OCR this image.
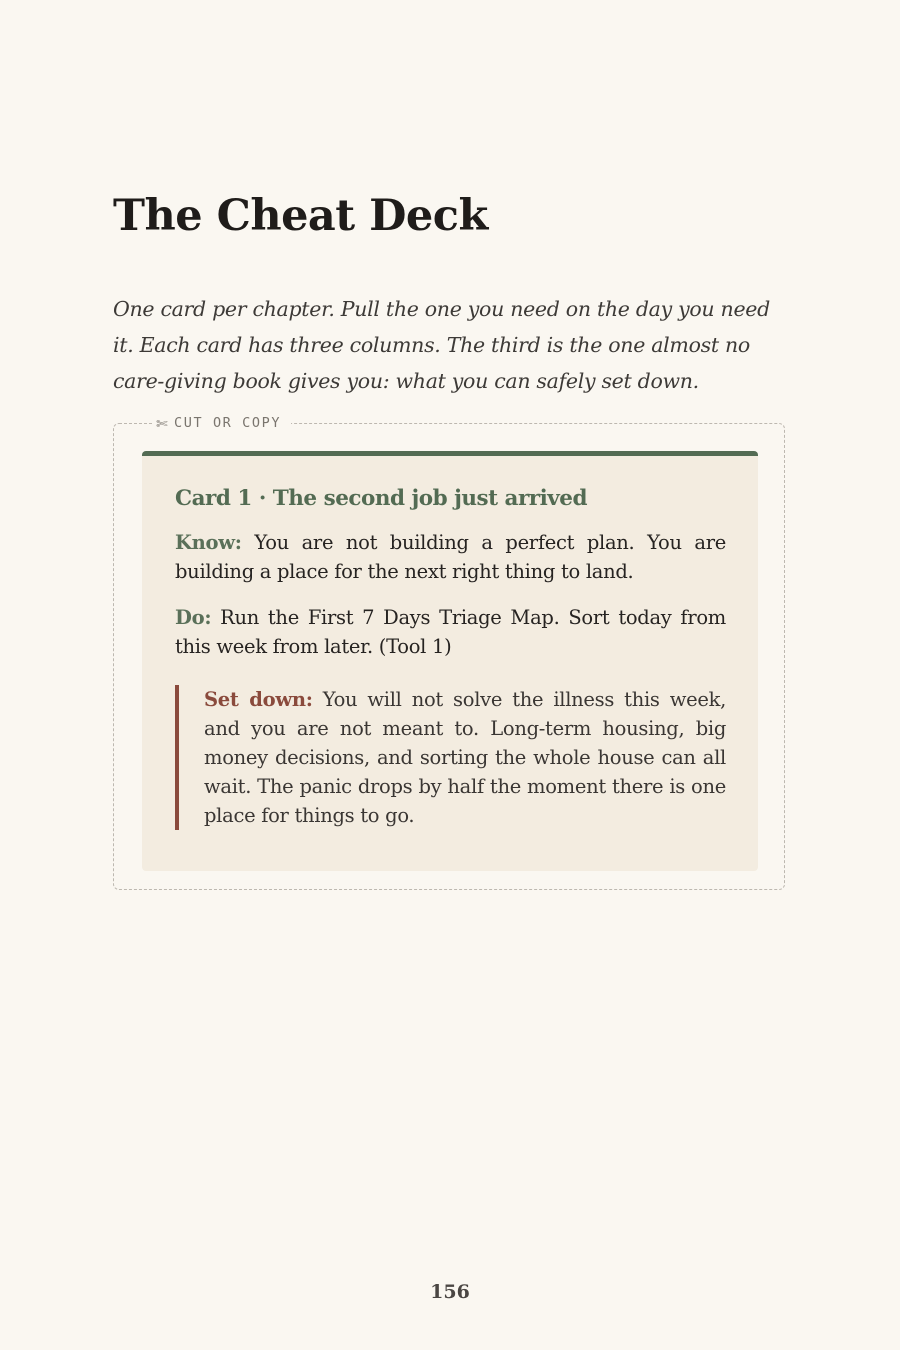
The Cheat Deck

One card per chapter. Pull the one you need on the day you need it. Each card has three columns. The third is the one almost no care-giving book gives you: what you can safely set down.

✄ CUT OR COPY
Card 1 · The second job just arrived

Know: You are not building a perfect plan. You are building a place for the next right thing to land.

Do: Run the First 7 Days Triage Map. Sort today from this week from later. (Tool 1)

Set down: You will not solve the illness this week, and you are not meant to. Long-term housing, big money decisions, and sorting the whole house can all wait. The panic drops by half the moment there is one place for things to go.
156
